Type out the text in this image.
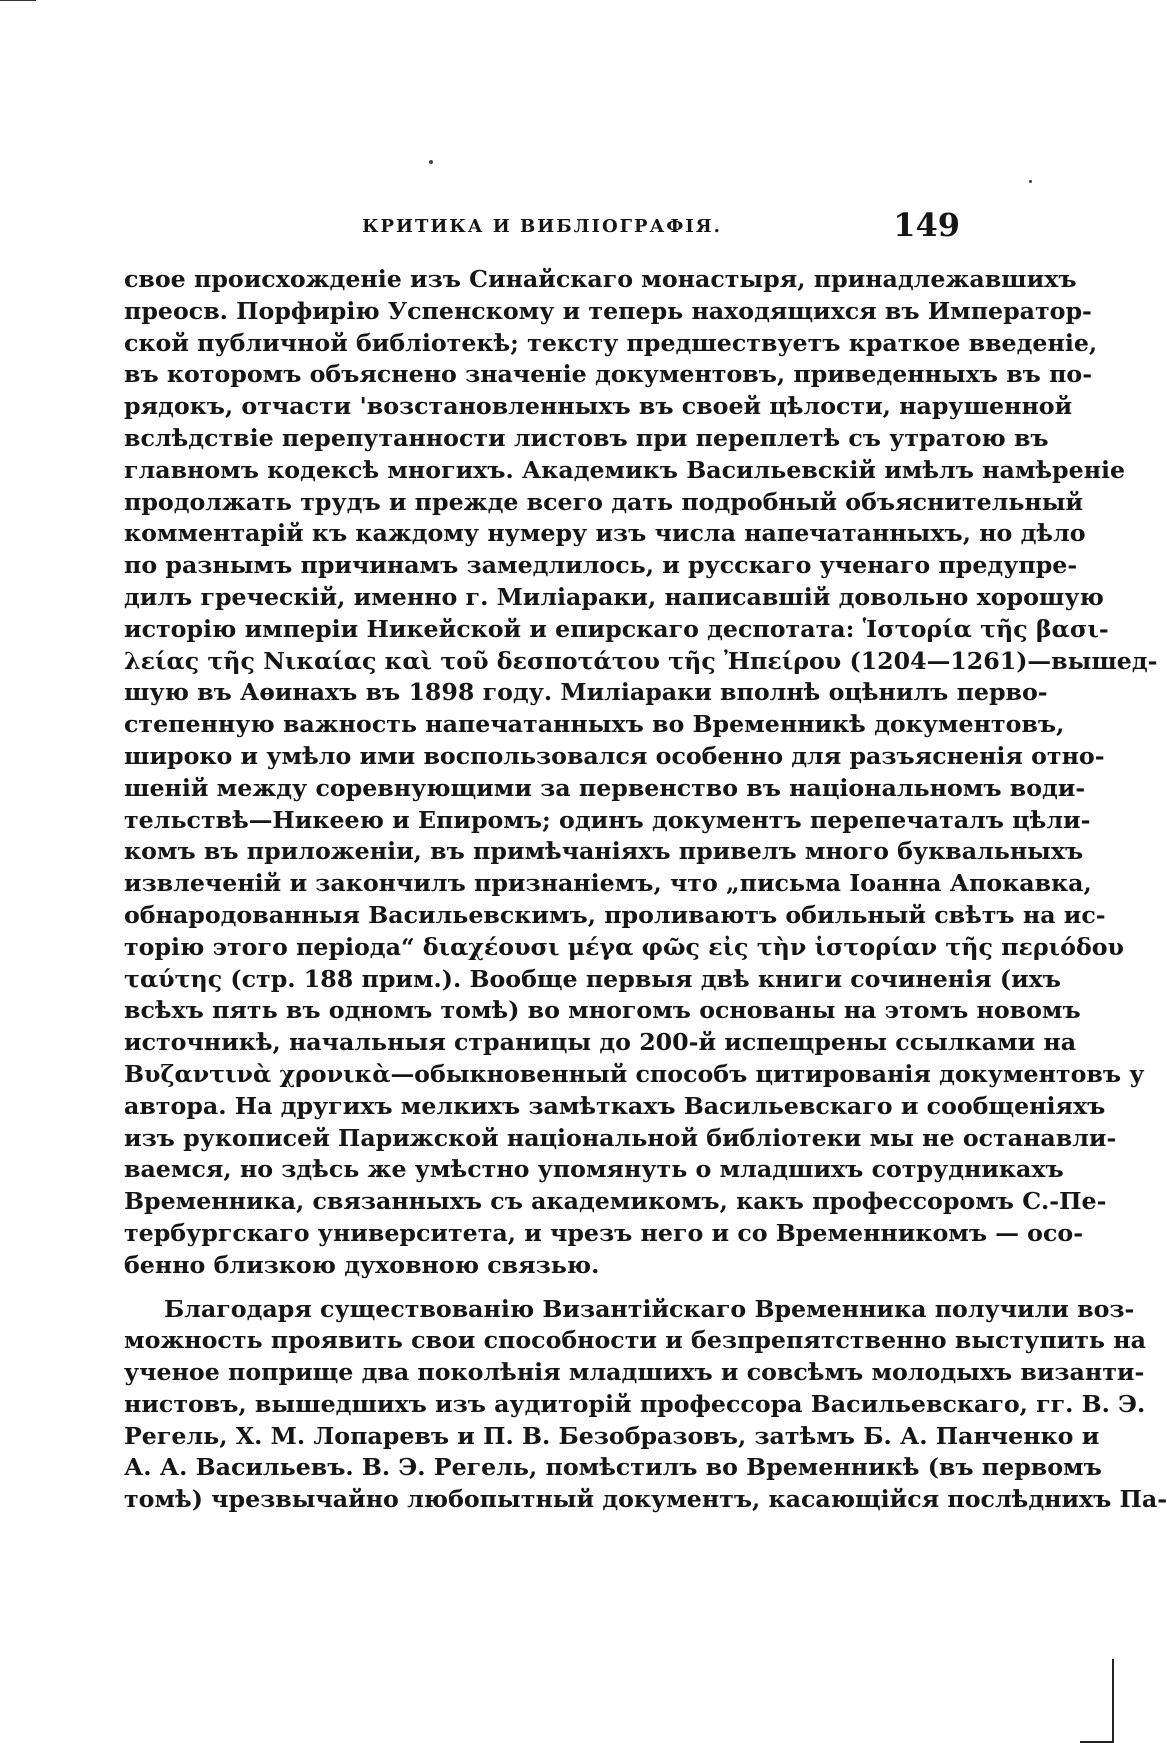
КРИТИКА И ВИБЛІОГРАФІЯ.	149
свое происхожденіе изъ Синайскаго монастыря, принадлежавшихъ
преосв. Порфирію Успенскому и теперь находящихся въ Император-
ской публичной библіотекѣ; тексту предшествуетъ краткое введеніе,
въ которомъ объяснено значеніе документовъ, приведенныхъ въ по-
рядокъ, отчасти 'возстановленныхъ въ своей цѣлости, нарушенной
вслѣдствіе перепутанности листовъ при переплетѣ съ утратою въ
главномъ кодексѣ многихъ. Академикъ Васильевскій имѣлъ намѣреніе
продолжать трудъ и прежде всего дать подробный объяснительный
комментарій къ каждому нумеру изъ числа напечатанныхъ, но дѣло
по разнымъ причинамъ замедлилось, и русскаго ученаго предупре-
дилъ греческій, именно г. Миліараки, написавшій довольно хорошую
исторію имперіи Никейской и епирскаго деспотата: Ἱστορία τῆς βασι-
λείας τῆς Νικαίας καὶ τοῦ δεσποτάτου τῆς Ἠπείρου (1204—1261)—вышед-
шую въ Аѳинахъ въ 1898 году. Миліараки вполнѣ оцѣнилъ перво-
степенную важность напечатанныхъ во Временникѣ документовъ,
широко и умѣло ими воспользовался особенно для разъясненія отно-
шеній между соревнующими за первенство въ національномъ води-
тельствѣ—Никеею и Епиромъ; одинъ документъ перепечаталъ цѣли-
комъ въ приложеніи, въ примѣчаніяхъ привелъ много буквальныхъ
извлеченій и закончилъ признаніемъ, что „письма Іоанна Апокавка,
обнародованныя Васильевскимъ, проливаютъ обильный свѣтъ на ис-
торію этого періода“ διαχέουσι μέγα φῶς εἰς τὴν ἱστορίαν τῆς περιόδου
ταύτης (стр. 188 прим.). Вообще первыя двѣ книги сочиненія (ихъ
всѣхъ пять въ одномъ томѣ) во многомъ основаны на этомъ новомъ
источникѣ, начальныя страницы до 200-й испещрены ссылками на
Βυζαντινὰ χρονικὰ—обыкновенный способъ цитированія документовъ у
автора. На другихъ мелкихъ замѣткахъ Васильевскаго и сообщеніяхъ
изъ рукописей Парижской національной библіотеки мы не останавли-
ваемся, но здѣсь же умѣстно упомянуть о младшихъ сотрудникахъ
Временника, связанныхъ съ академикомъ, какъ профессоромъ С.-Пе-
тербургскаго университета, и чрезъ него и со Временникомъ — осо-
бенно близкою духовною связью.
Благодаря существованію Византійскаго Временника получили воз-
можность проявить свои способности и безпрепятственно выступить на
ученое поприще два поколѣнія младшихъ и совсѣмъ молодыхъ византи-
нистовъ, вышедшихъ изъ аудиторій профессора Васильевскаго, гг. В. Э.
Регель, Х. М. Лопаревъ и П. В. Безобразовъ, затѣмъ Б. А. Панченко и
А. А. Васильевъ. В. Э. Регель, помѣстилъ во Временникѣ (въ первомъ
томѣ) чрезвычайно любопытный документъ, касающійся послѣднихъ Па-
